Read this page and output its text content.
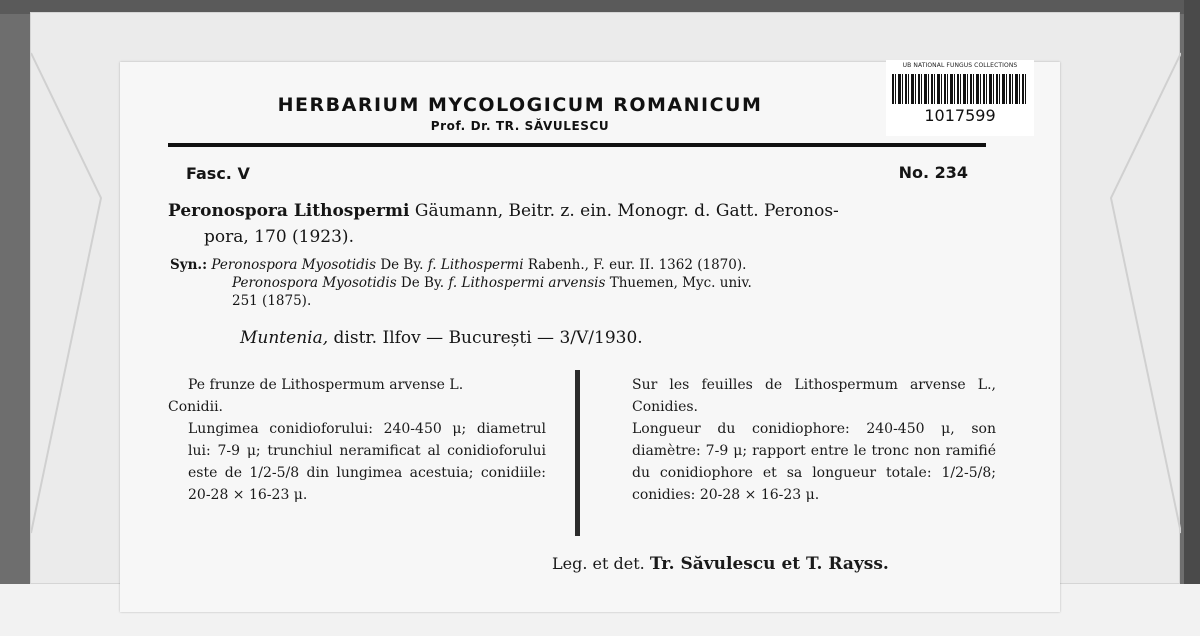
UB NATIONAL FUNGUS COLLECTIONS
1017599
HERBARIUM MYCOLOGICUM ROMANICUM
Prof. Dr. TR. SĂVULESCU
Fasc. V	No. 234
Peronospora Lithospermi Gäumann, Beitr. z. ein. Monogr. d. Gatt. Peronos-
pora, 170 (1923).
Syn.: Peronospora Myosotidis De By. f. Lithospermi Rabenh., F. eur. II. 1362 (1870).
Peronospora Myosotidis De By. f. Lithospermi arvensis Thuemen, Myc. univ.
251 (1875).
Muntenia, distr. Ilfov — București — 3/V/1930.

Pe frunze de Lithospermum arvense L.

Conidii.

Lungimea conidioforului: 240-450 μ; diametrul lui: 7-9 μ; trunchiul neramificat al conidioforului este de 1/2-5/8 din lungimea acestuia; conidiile: 20-28 × 16-23 μ.

Sur les feuilles de Lithospermum arvense L., Conidies.

Longueur du conidiophore: 240-450 μ, son diamètre: 7-9 μ; rapport entre le tronc non ramifié du conidiophore et sa longueur totale: 1/2-5/8; conidies: 20-28 × 16-23 μ.

Leg. et det. Tr. Săvulescu et T. Rayss.
